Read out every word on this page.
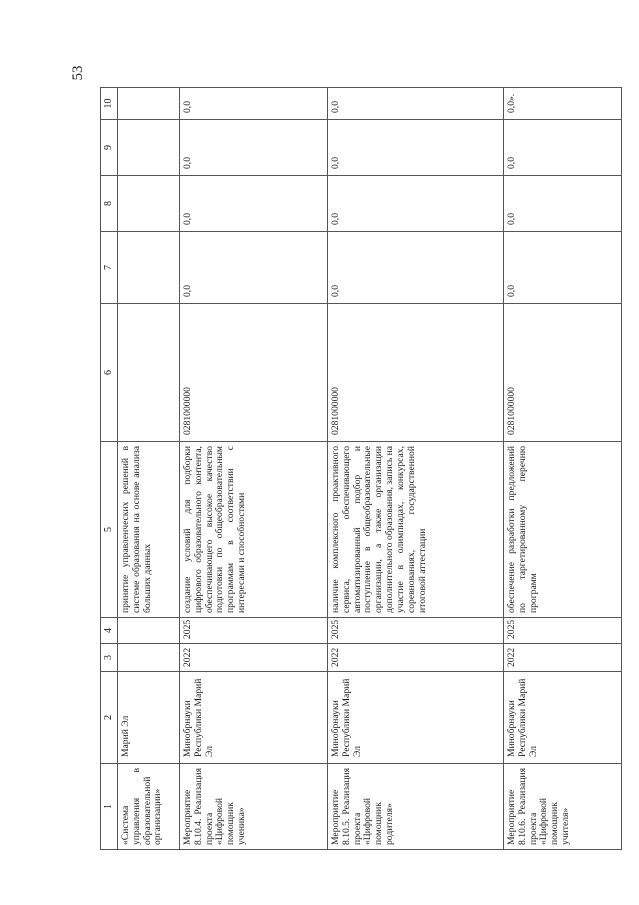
53
1	2	3	4	5	6	7	8	9	10
«Система управления в образовательной организации»	Марий Эл			принятие управленческих решений в системе образования на основе анализа больших данных					
Мероприятие 8.10.4. Реализация проекта «Цифровой помощник ученика»	Минобрнауки Республики Марий Эл	2022	2025	создание условий для подборки цифрового образовательного контента, обеспечивающего высокое качество подготовки по общеобразовательным программам в соответствии с интересами и способностями	0281000000	0,0	0,0	0,0	0,0
Мероприятие 8.10.5. Реализация проекта «Цифровой помощник родителя»	Минобрнауки Республики Марий Эл	2022	2025	наличие комплексного проактивного сервиса, обеспечивающего автоматизированный подбор и поступление в общеобразовательные организации, а также организации дополнительного образования, запись на участие в олимпиадах, конкурсах, соревнованиях, государственной итоговой аттестации	0281000000	0,0	0,0	0,0	0,0
Мероприятие 8.10.6. Реализация проекта «Цифровой помощник учителя»	Минобрнауки Республики Марий Эл	2022	2025	обеспечение разработки предложений по таргетированному перечню программ	0281000000	0,0	0,0	0,0	0,0».
